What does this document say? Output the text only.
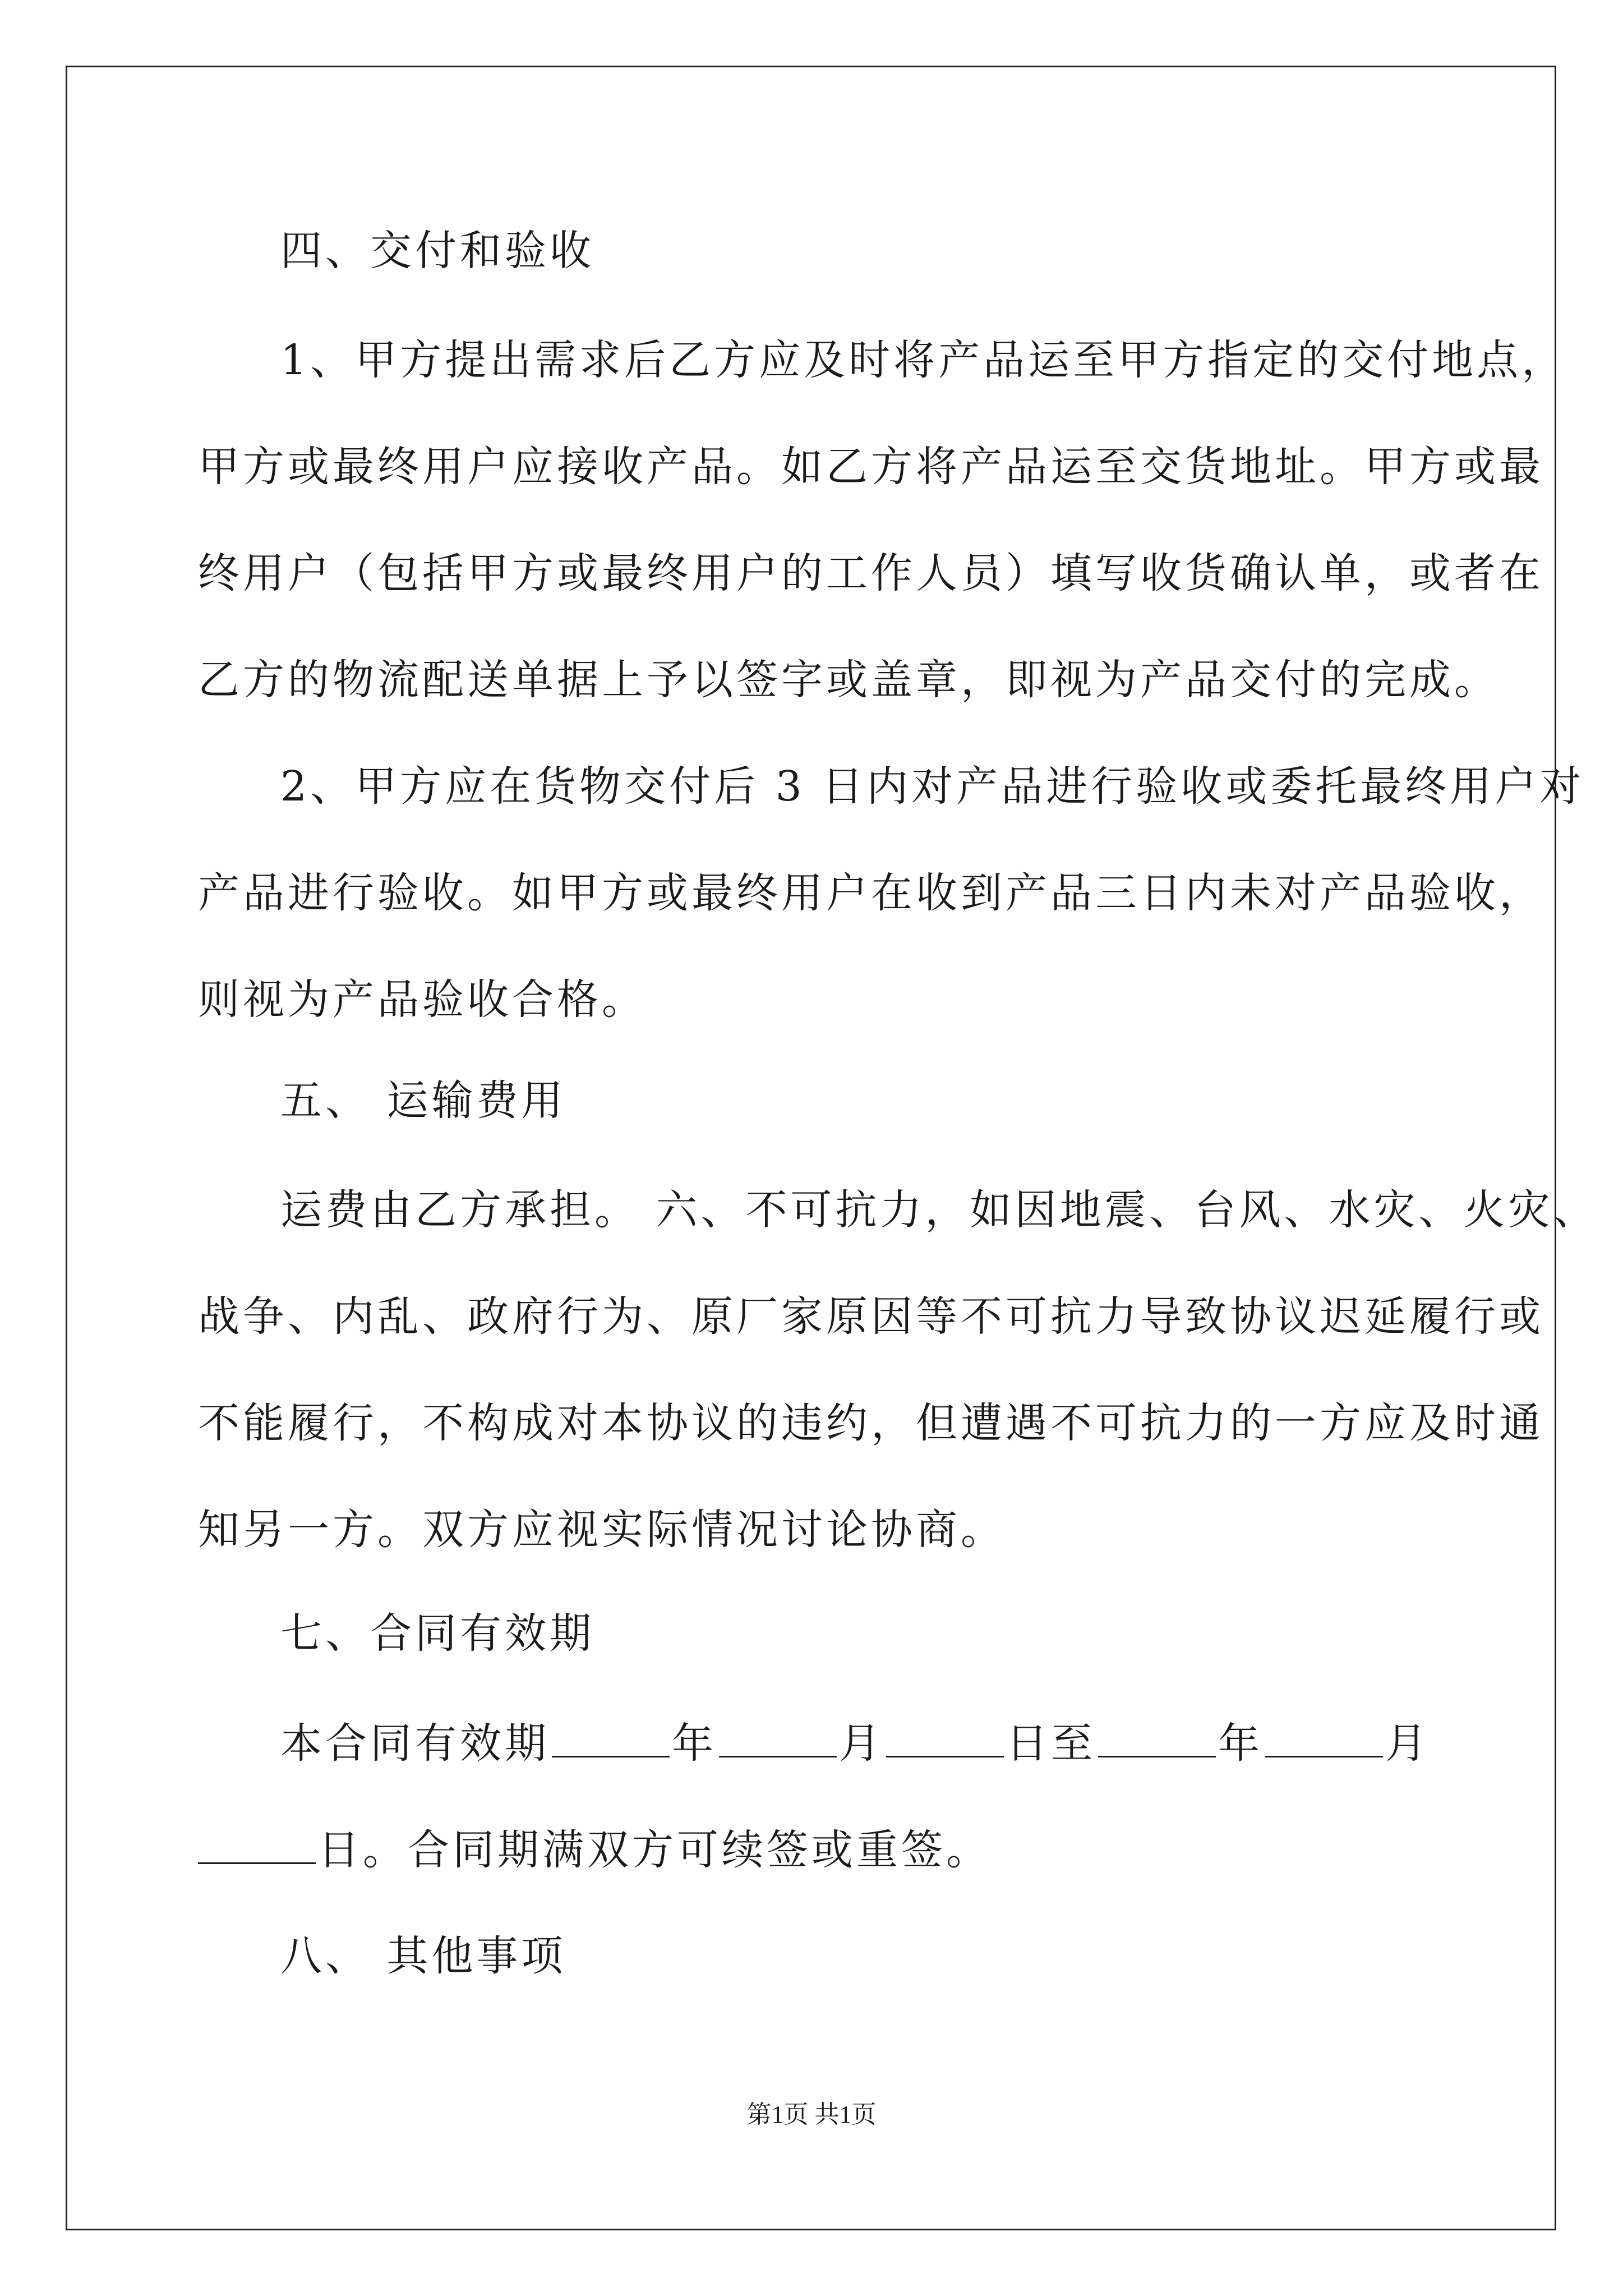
四、交付和验收
1、甲方提出需求后乙方应及时将产品运至甲方指定的交付地点，
甲方或最终用户应接收产品。如乙方将产品运至交货地址。甲方或最
终用户（包括甲方或最终用户的工作人员）填写收货确认单，或者在
乙方的物流配送单据上予以签字或盖章，即视为产品交付的完成。
2、甲方应在货物交付后 3 日内对产品进行验收或委托最终用户对
产品进行验收。如甲方或最终用户在收到产品三日内未对产品验收，
则视为产品验收合格。
五、 运输费用
运费由乙方承担。 六、不可抗力，如因地震、台风、水灾、火灾、
战争、内乱、政府行为、原厂家原因等不可抗力导致协议迟延履行或
不能履行，不构成对本协议的违约，但遭遇不可抗力的一方应及时通
知另一方。双方应视实际情况讨论协商。
七、合同有效期
本合同有效期	年	月	日至	年	月
日。合同期满双方可续签或重签。
八、 其他事项
第1页 共1页
